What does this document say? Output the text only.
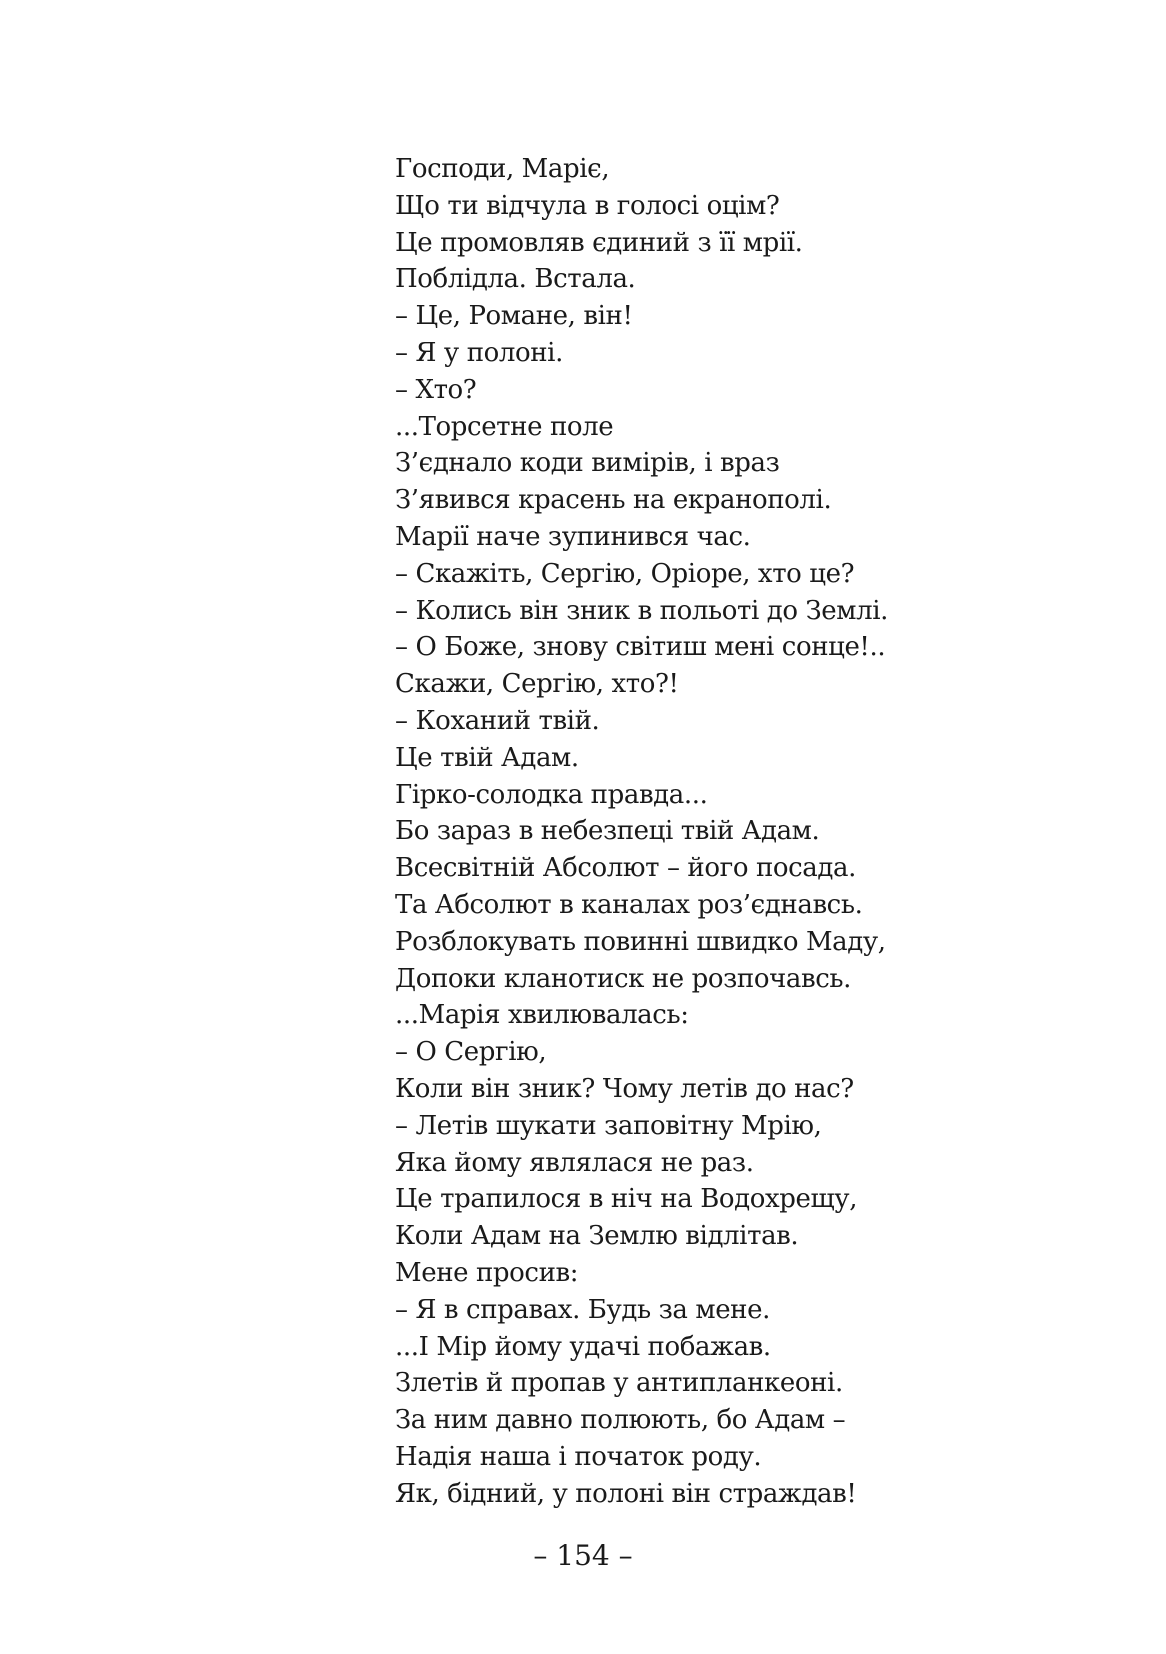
Господи, Маріє,
Що ти відчула в голосі оцім?
Це промовляв єдиний з її мрії.
Поблідла. Встала.
– Це, Романе, він!
– Я у полоні.
– Хто?
...Торсетне поле
З’єднало коди вимірів, і враз
З’явився красень на екранополі.
Марії наче зупинився час.
– Скажіть, Сергію, Оріоре, хто це?
– Колись він зник в польоті до Землі.
– О Боже, знову світиш мені сонце!..
Скажи, Сергію, хто?!
– Коханий твій.
Це твій Адам.
Гірко-солодка правда...
Бо зараз в небезпеці твій Адам.
Всесвітній Абсолют – його посада.
Та Абсолют в каналах роз’єднавсь.
Розблокувать повинні швидко Маду,
Допоки кланотиск не розпочавсь.
...Марія хвилювалась:
– О Сергію,
Коли він зник? Чому летів до нас?
– Летів шукати заповітну Мрію,
Яка йому являлася не раз.
Це трапилося в ніч на Водохрещу,
Коли Адам на Землю відлітав.
Мене просив:
– Я в справах. Будь за мене.
...І Мір йому удачі побажав.
Злетів й пропав у антипланкеоні.
За ним давно полюють, бо Адам –
Надія наша і початок роду.
Як, бідний, у полоні він страждав!
– 154 –
